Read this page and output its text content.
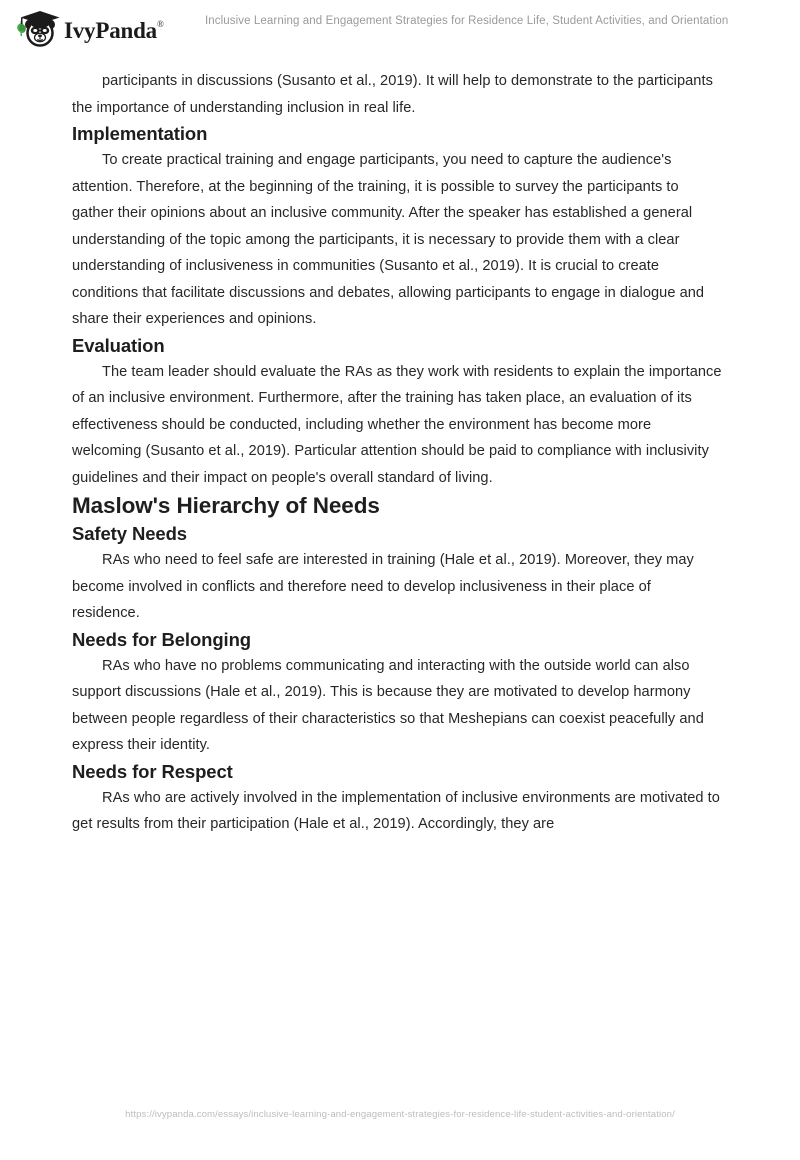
IvyPanda®	Inclusive Learning and Engagement Strategies for Residence Life, Student Activities, and Orientation

participants in discussions (Susanto et al., 2019). It will help to demonstrate to the participants the importance of understanding inclusion in real life.

Implementation

To create practical training and engage participants, you need to capture the audience's attention. Therefore, at the beginning of the training, it is possible to survey the participants to gather their opinions about an inclusive community. After the speaker has established a general understanding of the topic among the participants, it is necessary to provide them with a clear understanding of inclusiveness in communities (Susanto et al., 2019). It is crucial to create conditions that facilitate discussions and debates, allowing participants to engage in dialogue and share their experiences and opinions.

Evaluation

The team leader should evaluate the RAs as they work with residents to explain the importance of an inclusive environment. Furthermore, after the training has taken place, an evaluation of its effectiveness should be conducted, including whether the environment has become more welcoming (Susanto et al., 2019). Particular attention should be paid to compliance with inclusivity guidelines and their impact on people's overall standard of living.

Maslow's Hierarchy of Needs
Safety Needs

RAs who need to feel safe are interested in training (Hale et al., 2019). Moreover, they may become involved in conflicts and therefore need to develop inclusiveness in their place of residence.

Needs for Belonging

RAs who have no problems communicating and interacting with the outside world can also support discussions (Hale et al., 2019). This is because they are motivated to develop harmony between people regardless of their characteristics so that Meshepians can coexist peacefully and express their identity.

Needs for Respect

RAs who are actively involved in the implementation of inclusive environments are motivated to get results from their participation (Hale et al., 2019). Accordingly, they are

https://ivypanda.com/essays/inclusive-learning-and-engagement-strategies-for-residence-life-student-activities-and-orientation/
